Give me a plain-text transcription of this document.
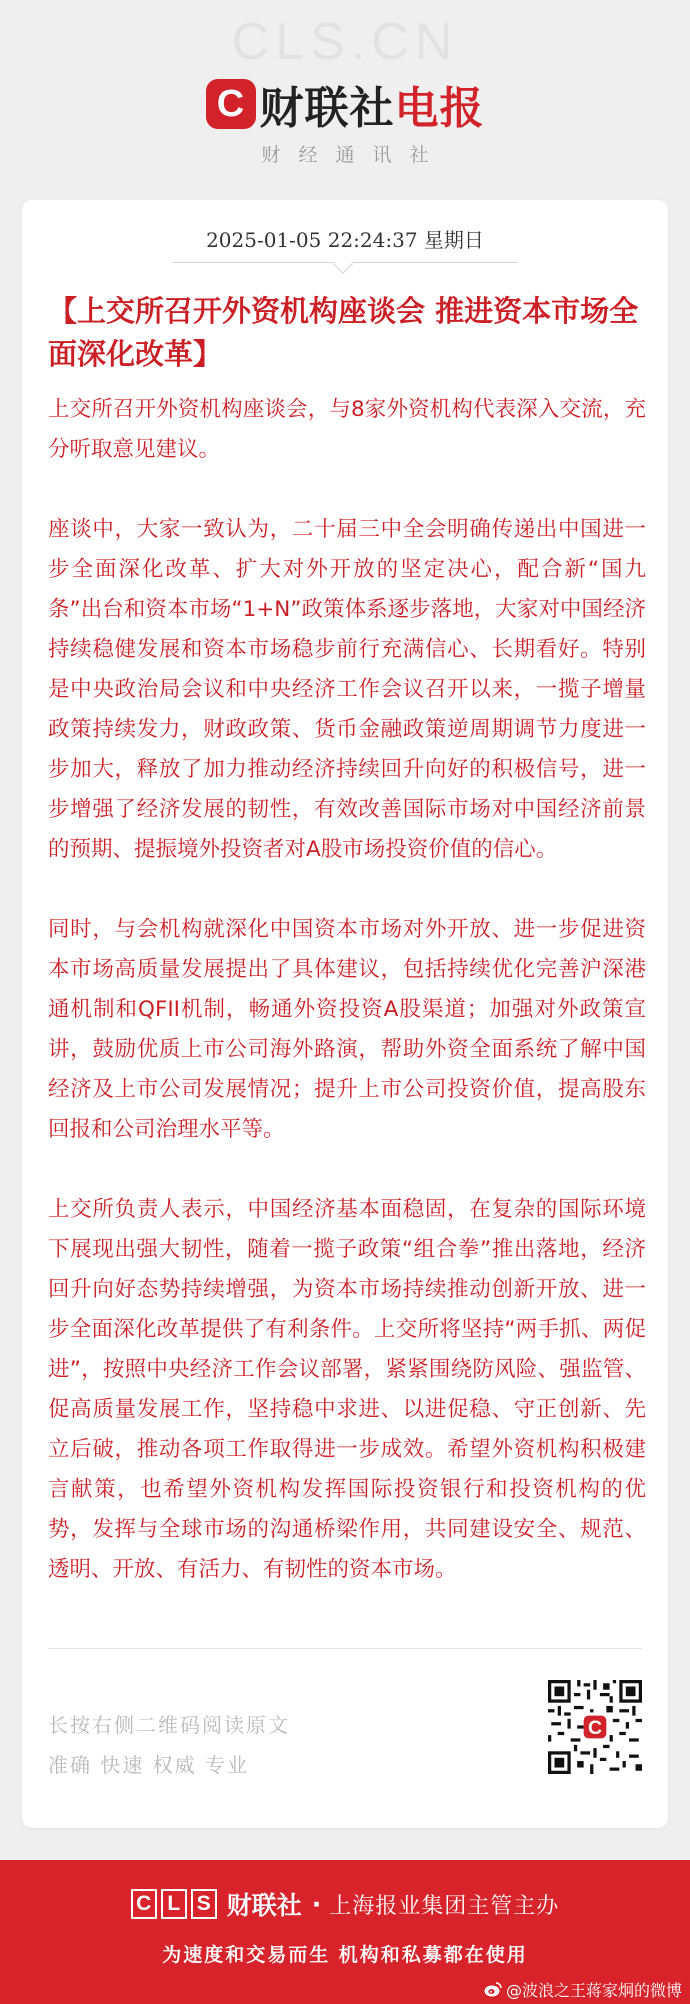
CLS.CN
C 财联社电报
财经通讯社
2025-01-05 22:24:37 星期日
【上交所召开外资机构座谈会 推进资本市场全面深化改革】

上交所召开外资机构座谈会，与8家外资机构代表深入交流，充分听取意见建议。

座谈中，大家一致认为，二十届三中全会明确传递出中国进一步全面深化改革、扩大对外开放的坚定决心，配合新“国九条”出台和资本市场“1+N”政策体系逐步落地，大家对中国经济持续稳健发展和资本市场稳步前行充满信心、长期看好。特别是中央政治局会议和中央经济工作会议召开以来，一揽子增量政策持续发力，财政政策、货币金融政策逆周期调节力度进一步加大，释放了加力推动经济持续回升向好的积极信号，进一步增强了经济发展的韧性，有效改善国际市场对中国经济前景的预期、提振境外投资者对A股市场投资价值的信心。

同时，与会机构就深化中国资本市场对外开放、进一步促进资本市场高质量发展提出了具体建议，包括持续优化完善沪深港通机制和QFII机制，畅通外资投资A股渠道；加强对外政策宣讲，鼓励优质上市公司海外路演，帮助外资全面系统了解中国经济及上市公司发展情况；提升上市公司投资价值，提高股东回报和公司治理水平等。

上交所负责人表示，中国经济基本面稳固，在复杂的国际环境下展现出强大韧性，随着一揽子政策“组合拳”推出落地，经济回升向好态势持续增强，为资本市场持续推动创新开放、进一步全面深化改革提供了有利条件。上交所将坚持“两手抓、两促进”，按照中央经济工作会议部署，紧紧围绕防风险、强监管、促高质量发展工作，坚持稳中求进、以进促稳、守正创新、先立后破，推动各项工作取得进一步成效。希望外资机构积极建言献策，也希望外资机构发挥国际投资银行和投资机构的优势，发挥与全球市场的沟通桥梁作用，共同建设安全、规范、透明、开放、有活力、有韧性的资本市场。

长按右侧二维码阅读原文
准确 快速 权威 专业
C
C L S 财联社 · 上海报业集团主管主办
为速度和交易而生 机构和私募都在使用
@波浪之王蒋家炯的微博
